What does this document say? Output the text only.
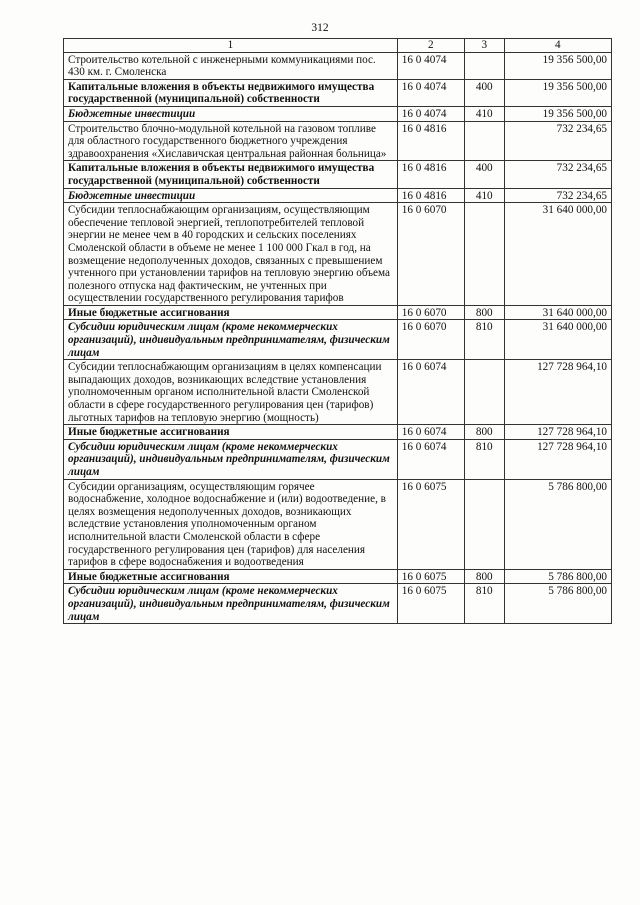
312
1	2	3	4
Строительство котельной с инженерными коммуникациями пос. 430 км. г. Смоленска	16 0 4074		19 356 500,00
Капитальные вложения в объекты недвижимого имущества государственной (муниципальной) собственности	16 0 4074	400	19 356 500,00
Бюджетные инвестиции	16 0 4074	410	19 356 500,00
Строительство блочно-модульной котельной на газовом топливе для областного государственного бюджетного учреждения здравоохранения «Хиславичская центральная районная больница»	16 0 4816		732 234,65
Капитальные вложения в объекты недвижимого имущества государственной (муниципальной) собственности	16 0 4816	400	732 234,65
Бюджетные инвестиции	16 0 4816	410	732 234,65
Субсидии теплоснабжающим организациям, осуществляющим обеспечение тепловой энергией, теплопотребителей тепловой энергии не менее чем в 40 городских и сельских поселениях Смоленской области в объеме не менее 1 100 000 Гкал в год, на возмещение недополученных доходов, связанных с превышением учтенного при установлении тарифов на тепловую энергию объема полезного отпуска над фактическим, не учтенных при осуществлении государственного регулирования тарифов	16 0 6070		31 640 000,00
Иные бюджетные ассигнования	16 0 6070	800	31 640 000,00
Субсидии юридическим лицам (кроме некоммерческих организаций), индивидуальным предпринимателям, физическим лицам	16 0 6070	810	31 640 000,00
Субсидии теплоснабжающим организациям в целях компенсации выпадающих доходов, возникающих вследствие установления уполномоченным органом исполнительной власти Смоленской области в сфере государственного регулирования цен (тарифов) льготных тарифов на тепловую энергию (мощность)	16 0 6074		127 728 964,10
Иные бюджетные ассигнования	16 0 6074	800	127 728 964,10
Субсидии юридическим лицам (кроме некоммерческих организаций), индивидуальным предпринимателям, физическим лицам	16 0 6074	810	127 728 964,10
Субсидии организациям, осуществляющим горячее водоснабжение, холодное водоснабжение и (или) водоотведение, в целях возмещения недополученных доходов, возникающих вследствие установления уполномоченным органом исполнительной власти Смоленской области в сфере государственного регулирования цен (тарифов) для населения тарифов в сфере водоснабжения и водоотведения	16 0 6075		5 786 800,00
Иные бюджетные ассигнования	16 0 6075	800	5 786 800,00
Субсидии юридическим лицам (кроме некоммерческих организаций), индивидуальным предпринимателям, физическим лицам	16 0 6075	810	5 786 800,00
